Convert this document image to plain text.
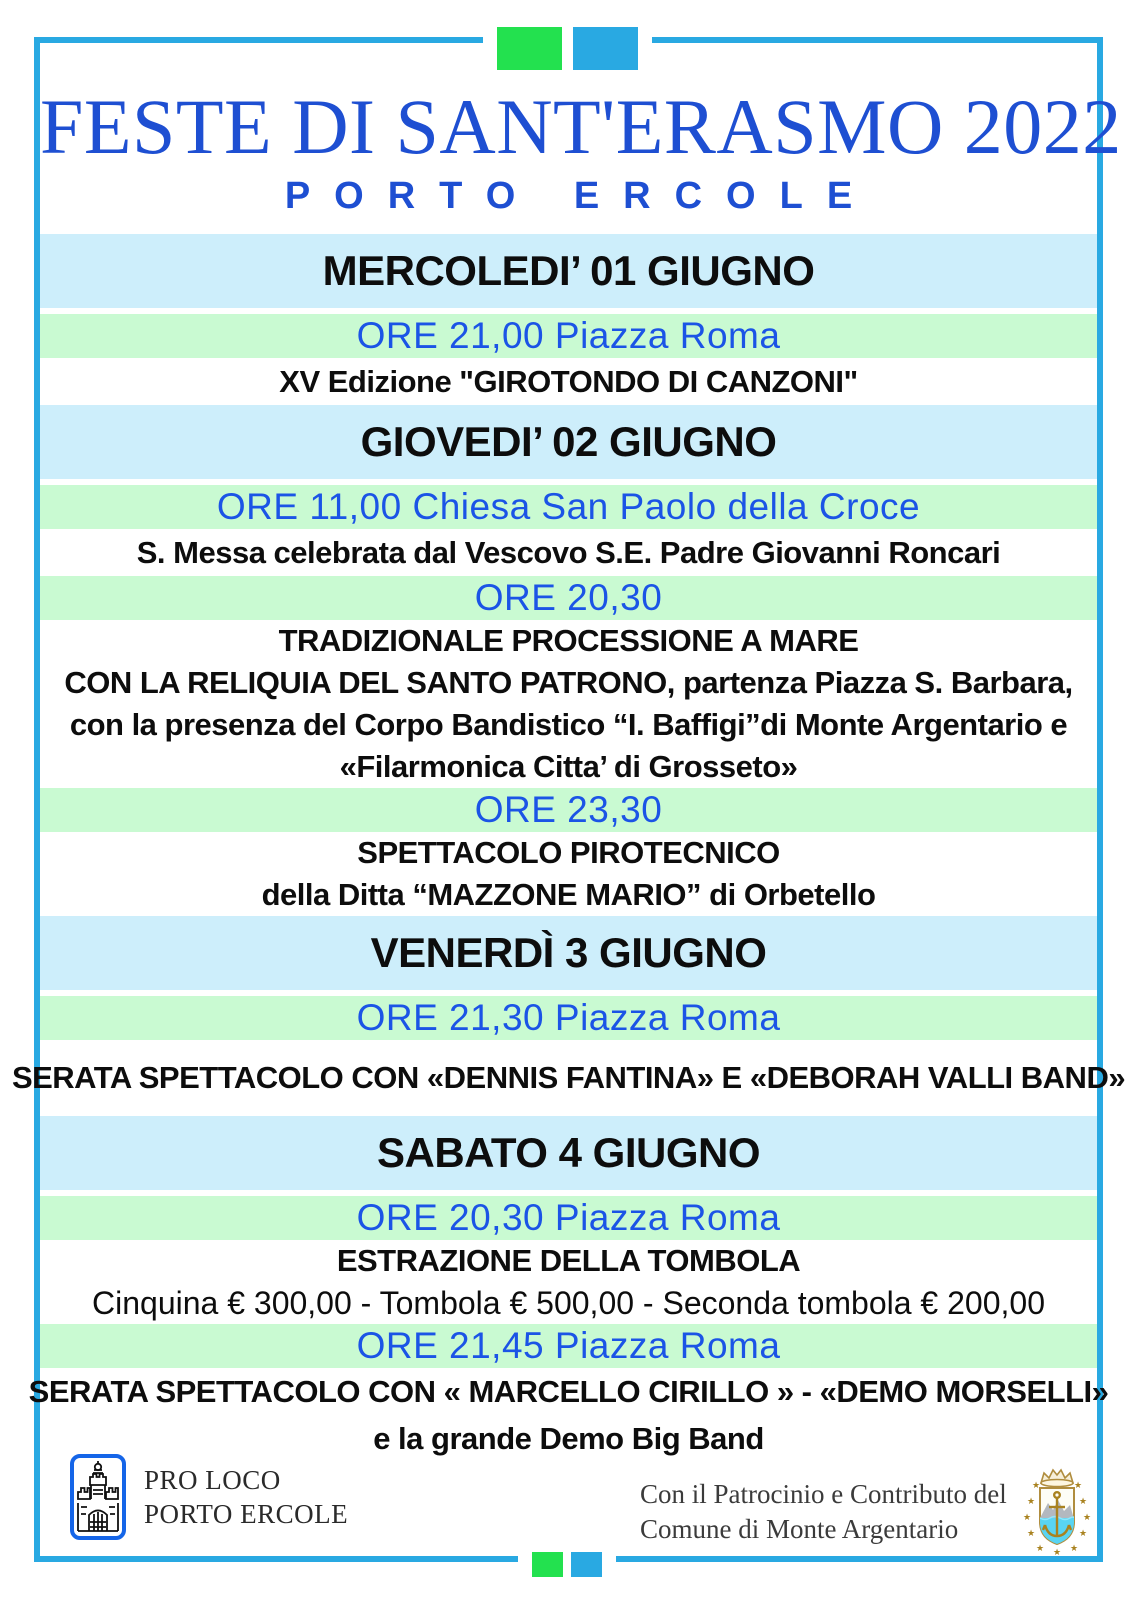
FESTE DI SANT'ERASMO 2022
PORTO ERCOLE
MERCOLEDI’ 01 GIUGNO
ORE 21,00 Piazza Roma
XV Edizione "GIROTONDO DI CANZONI"
GIOVEDI’ 02 GIUGNO
ORE 11,00 Chiesa San Paolo della Croce
S. Messa celebrata dal Vescovo S.E. Padre Giovanni Roncari
ORE 20,30
TRADIZIONALE PROCESSIONE A MARE
CON LA RELIQUIA DEL SANTO PATRONO, partenza Piazza S. Barbara,
con la presenza del Corpo Bandistico “I. Baffigi”di Monte Argentario e
«Filarmonica Citta’ di Grosseto»
ORE 23,30
SPETTACOLO PIROTECNICO
della Ditta “MAZZONE MARIO” di Orbetello
VENERDÌ 3 GIUGNO
ORE 21,30 Piazza Roma
SERATA SPETTACOLO CON «DENNIS FANTINA» E «DEBORAH VALLI BAND»
SABATO 4 GIUGNO
ORE 20,30 Piazza Roma
ESTRAZIONE DELLA TOMBOLA
Cinquina € 300,00 - Tombola € 500,00 - Seconda tombola € 200,00
ORE 21,45 Piazza Roma
SERATA SPETTACOLO CON « MARCELLO CIRILLO » - «DEMO MORSELLI»
e la grande Demo Big Band
PRO LOCO
PORTO ERCOLE
Con il Patrocinio e Contributo del
Comune di Monte Argentario
★
★
★
★
★
★
★
★
★	★
★
